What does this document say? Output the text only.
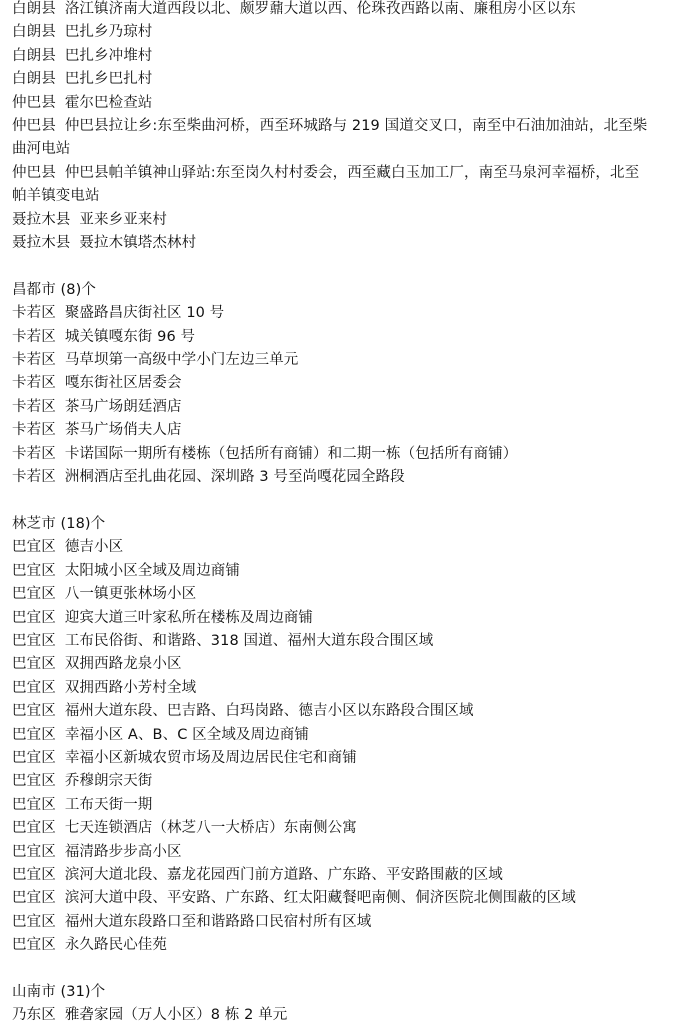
白朗县 洛江镇济南大道西段以北、颇罗鼐大道以西、伦珠孜西路以南、廉租房小区以东
白朗县 巴扎乡乃琼村
白朗县 巴扎乡冲堆村
白朗县 巴扎乡巴扎村
仲巴县 霍尔巴检查站
仲巴县 仲巴县拉让乡:东至柴曲河桥，西至环城路与 219 国道交叉口，南至中石油加油站，北至柴曲河电站
仲巴县 仲巴县帕羊镇神山驿站:东至岗久村村委会，西至藏白玉加工厂，南至马泉河幸福桥，北至帕羊镇变电站
聂拉木县 亚来乡亚来村
聂拉木县 聂拉木镇塔杰林村
昌都市 (8)个
卡若区 聚盛路昌庆街社区 10 号
卡若区 城关镇嘎东街 96 号
卡若区 马草坝第一高级中学小门左边三单元
卡若区 嘎东街社区居委会
卡若区 茶马广场朗廷酒店
卡若区 茶马广场俏夫人店
卡若区 卡诺国际一期所有楼栋（包括所有商铺）和二期一栋（包括所有商铺）
卡若区 洲桐酒店至扎曲花园、深圳路 3 号至尚嘎花园全路段
林芝市 (18)个
巴宜区 德吉小区
巴宜区 太阳城小区全域及周边商铺
巴宜区 八一镇更张林场小区
巴宜区 迎宾大道三叶家私所在楼栋及周边商铺
巴宜区 工布民俗街、和谐路、318 国道、福州大道东段合围区域
巴宜区 双拥西路龙泉小区
巴宜区 双拥西路小芳村全域
巴宜区 福州大道东段、巴吉路、白玛岗路、德吉小区以东路段合围区域
巴宜区 幸福小区 A、B、C 区全域及周边商铺
巴宜区 幸福小区新城农贸市场及周边居民住宅和商铺
巴宜区 乔穆朗宗天街
巴宜区 工布天街一期
巴宜区 七天连锁酒店（林芝八一大桥店）东南侧公寓
巴宜区 福清路步步高小区
巴宜区 滨河大道北段、嘉龙花园西门前方道路、广东路、平安路围蔽的区域
巴宜区 滨河大道中段、平安路、广东路、红太阳藏餐吧南侧、侗济医院北侧围蔽的区域
巴宜区 福州大道东段路口至和谐路路口民宿村所有区域
巴宜区 永久路民心佳苑
山南市 (31)个
乃东区 雅砻家园（万人小区）8 栋 2 单元
